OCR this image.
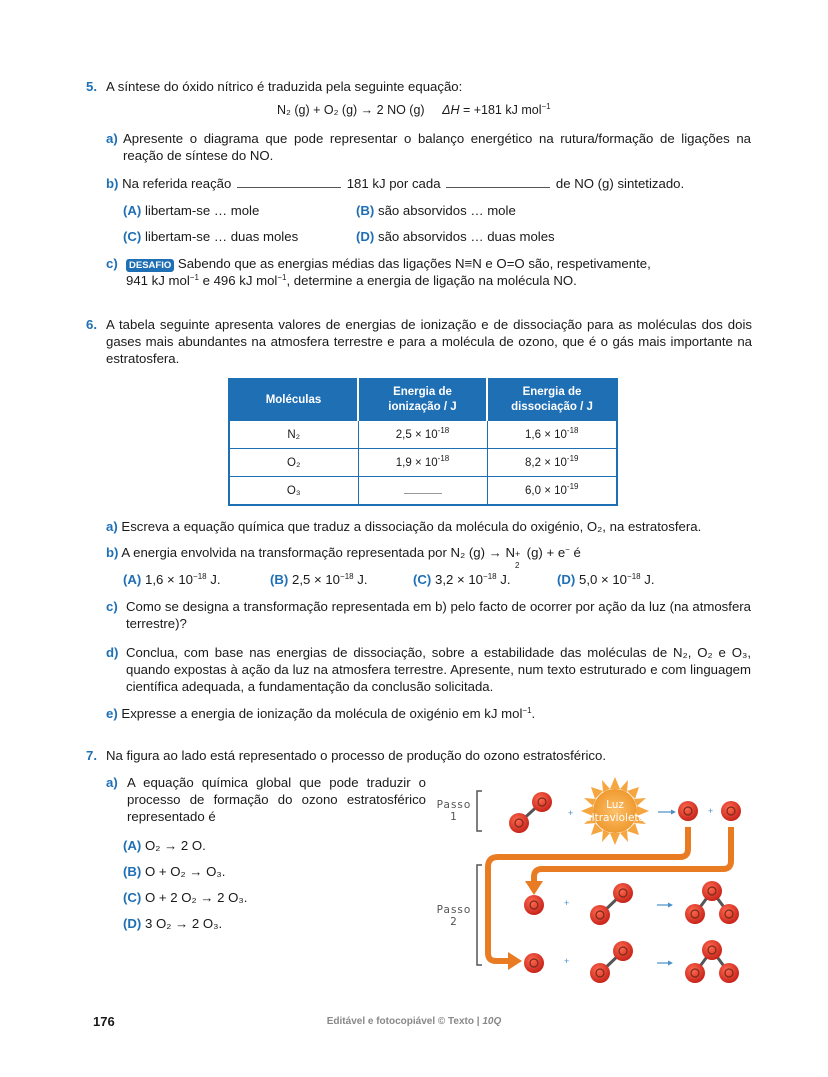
5. A síntese do óxido nítrico é traduzida pela seguinte equação:
N₂ (g) + O₂ (g) → 2 NO (g) ΔH = +181 kJ mol$^{-1}$
a) Apresente o diagrama que pode representar o balanço energético na rutura/formação de ligações na reação de síntese do NO.
b) Na referida reação	181 kJ por cada	de NO (g) sintetizado.
(A) libertam-se … mole	(B) são absorvidos … mole
(C) libertam-se … duas moles	(D) são absorvidos … duas moles
c)	DESAFIO Sabendo que as energias médias das ligações N≡N e O=O são, respetivamente,
941 kJ mol$^{-1}$ e 496 kJ mol$^{-1}$, determine a energia de ligação na molécula NO.
6. A tabela seguinte apresenta valores de energias de ionização e de dissociação para as moléculas dos dois gases mais abundantes na atmosfera terrestre e para a molécula de ozono, que é o gás mais importante na estratosfera.
Moléculas	Energia de ionização / J	Energia de dissociação / J
N₂	$2,5 \times 10^{-18}$	$1,6 \times 10^{-18}$
O₂	$1,9 \times 10^{-18}$	$8,2 \times 10^{-19}$
O₃		$6,0 \times 10^{-19}$
a) Escreva a equação química que traduz a dissociação da molécula do oxigénio, O₂, na estratosfera.
b) A energia envolvida na transformação representada por N₂ (g) → N +
2
(g) + e− é
(A) $1,6 \times 10^{-18}$ J.	(B) $2,5 \times 10^{-18}$ J.	(C) $3,2 \times 10^{-18}$ J.	(D) $5,0 \times 10^{-18}$ J.
c) Como se designa a transformação representada em b) pelo facto de ocorrer por ação da luz (na atmosfera terrestre)?
d) Conclua, com base nas energias de dissociação, sobre a estabilidade das moléculas de N₂, O₂ e O₃, quando expostas à ação da luz na atmosfera terrestre. Apresente, num texto estruturado e com linguagem científica adequada, a fundamentação da conclusão solicitada.
e) Expresse a energia de ionização da molécula de oxigénio em kJ mol$^{-1}$.
7. Na figura ao lado está representado o processo de produção do ozono estratosférico.
a) A equação química global que pode traduzir o processo de formação do ozono estratosférico representado é
(A) O₂ → 2 O.
(B) O + O₂ → O₃.
(C) O + 2 O₂ → 2 O₃.
(D) 3 O₂ → 2 O₃.
Passo 1
Passo 2
+
Luz
ultravioleta
+
+
+
176	Editável e fotocopiável © Texto | 10Q
